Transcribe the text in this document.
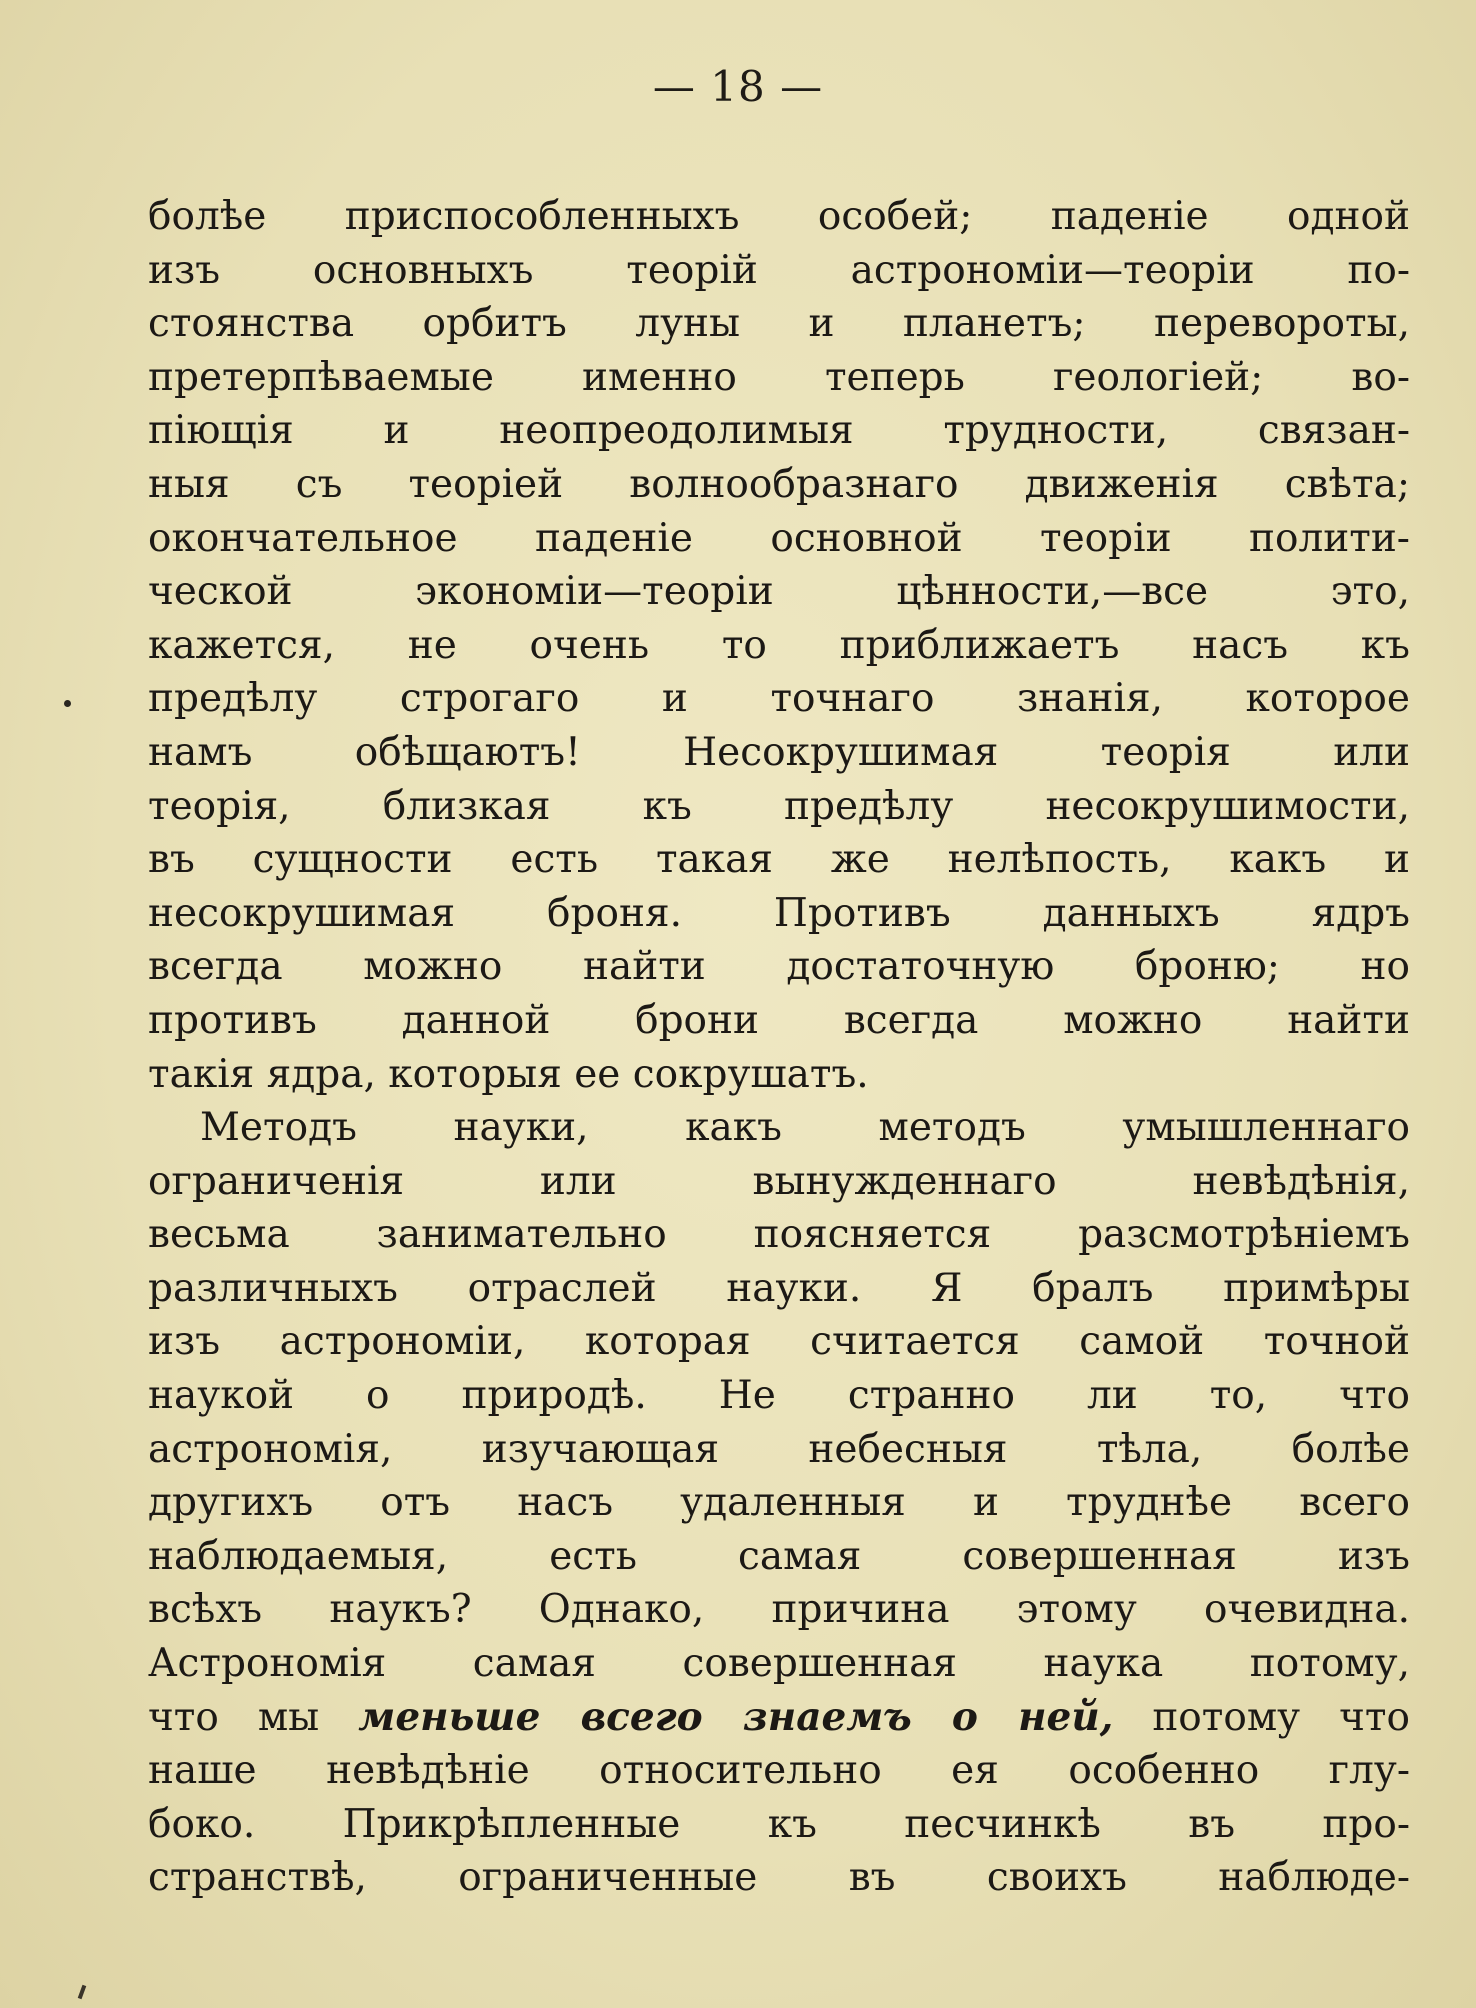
— 18 —
болѣе приспособленныхъ особей; паденіе одной
изъ основныхъ теорій астрономіи—теоріи по-
стоянства орбитъ луны и планетъ; перевороты,
претерпѣваемые именно теперь геологіей; во-
піющія и неопреодолимыя трудности, связан-
ныя съ теоріей волнообразнаго движенія свѣта;
окончательное паденіе основной теоріи полити-
ческой экономіи—теоріи цѣнности,—все это,
кажется, не очень то приближаетъ насъ къ
предѣлу строгаго и точнаго знанія, которое
намъ обѣщаютъ! Несокрушимая теорія или
теорія, близкая къ предѣлу несокрушимости,
въ сущности есть такая же нелѣпость, какъ и
несокрушимая броня. Противъ данныхъ ядръ
всегда можно найти достаточную броню; но
противъ данной брони всегда можно найти
такія ядра, которыя ее сокрушатъ.
Методъ науки, какъ методъ умышленнаго
ограниченія или вынужденнаго невѣдѣнія,
весьма занимательно поясняется разсмотрѣніемъ
различныхъ отраслей науки. Я бралъ примѣры
изъ астрономіи, которая считается самой точной
наукой о природѣ. Не странно ли то, что
астрономія, изучающая небесныя тѣла, болѣе
другихъ отъ насъ удаленныя и труднѣе всего
наблюдаемыя, есть самая совершенная изъ
всѣхъ наукъ? Однако, причина этому очевидна.
Астрономія самая совершенная наука потому,
что мы меньше всего знаемъ о ней, потому что
наше невѣдѣніе относительно ея особенно глу-
боко. Прикрѣпленные къ песчинкѣ въ про-
странствѣ, ограниченные въ своихъ наблюде-
